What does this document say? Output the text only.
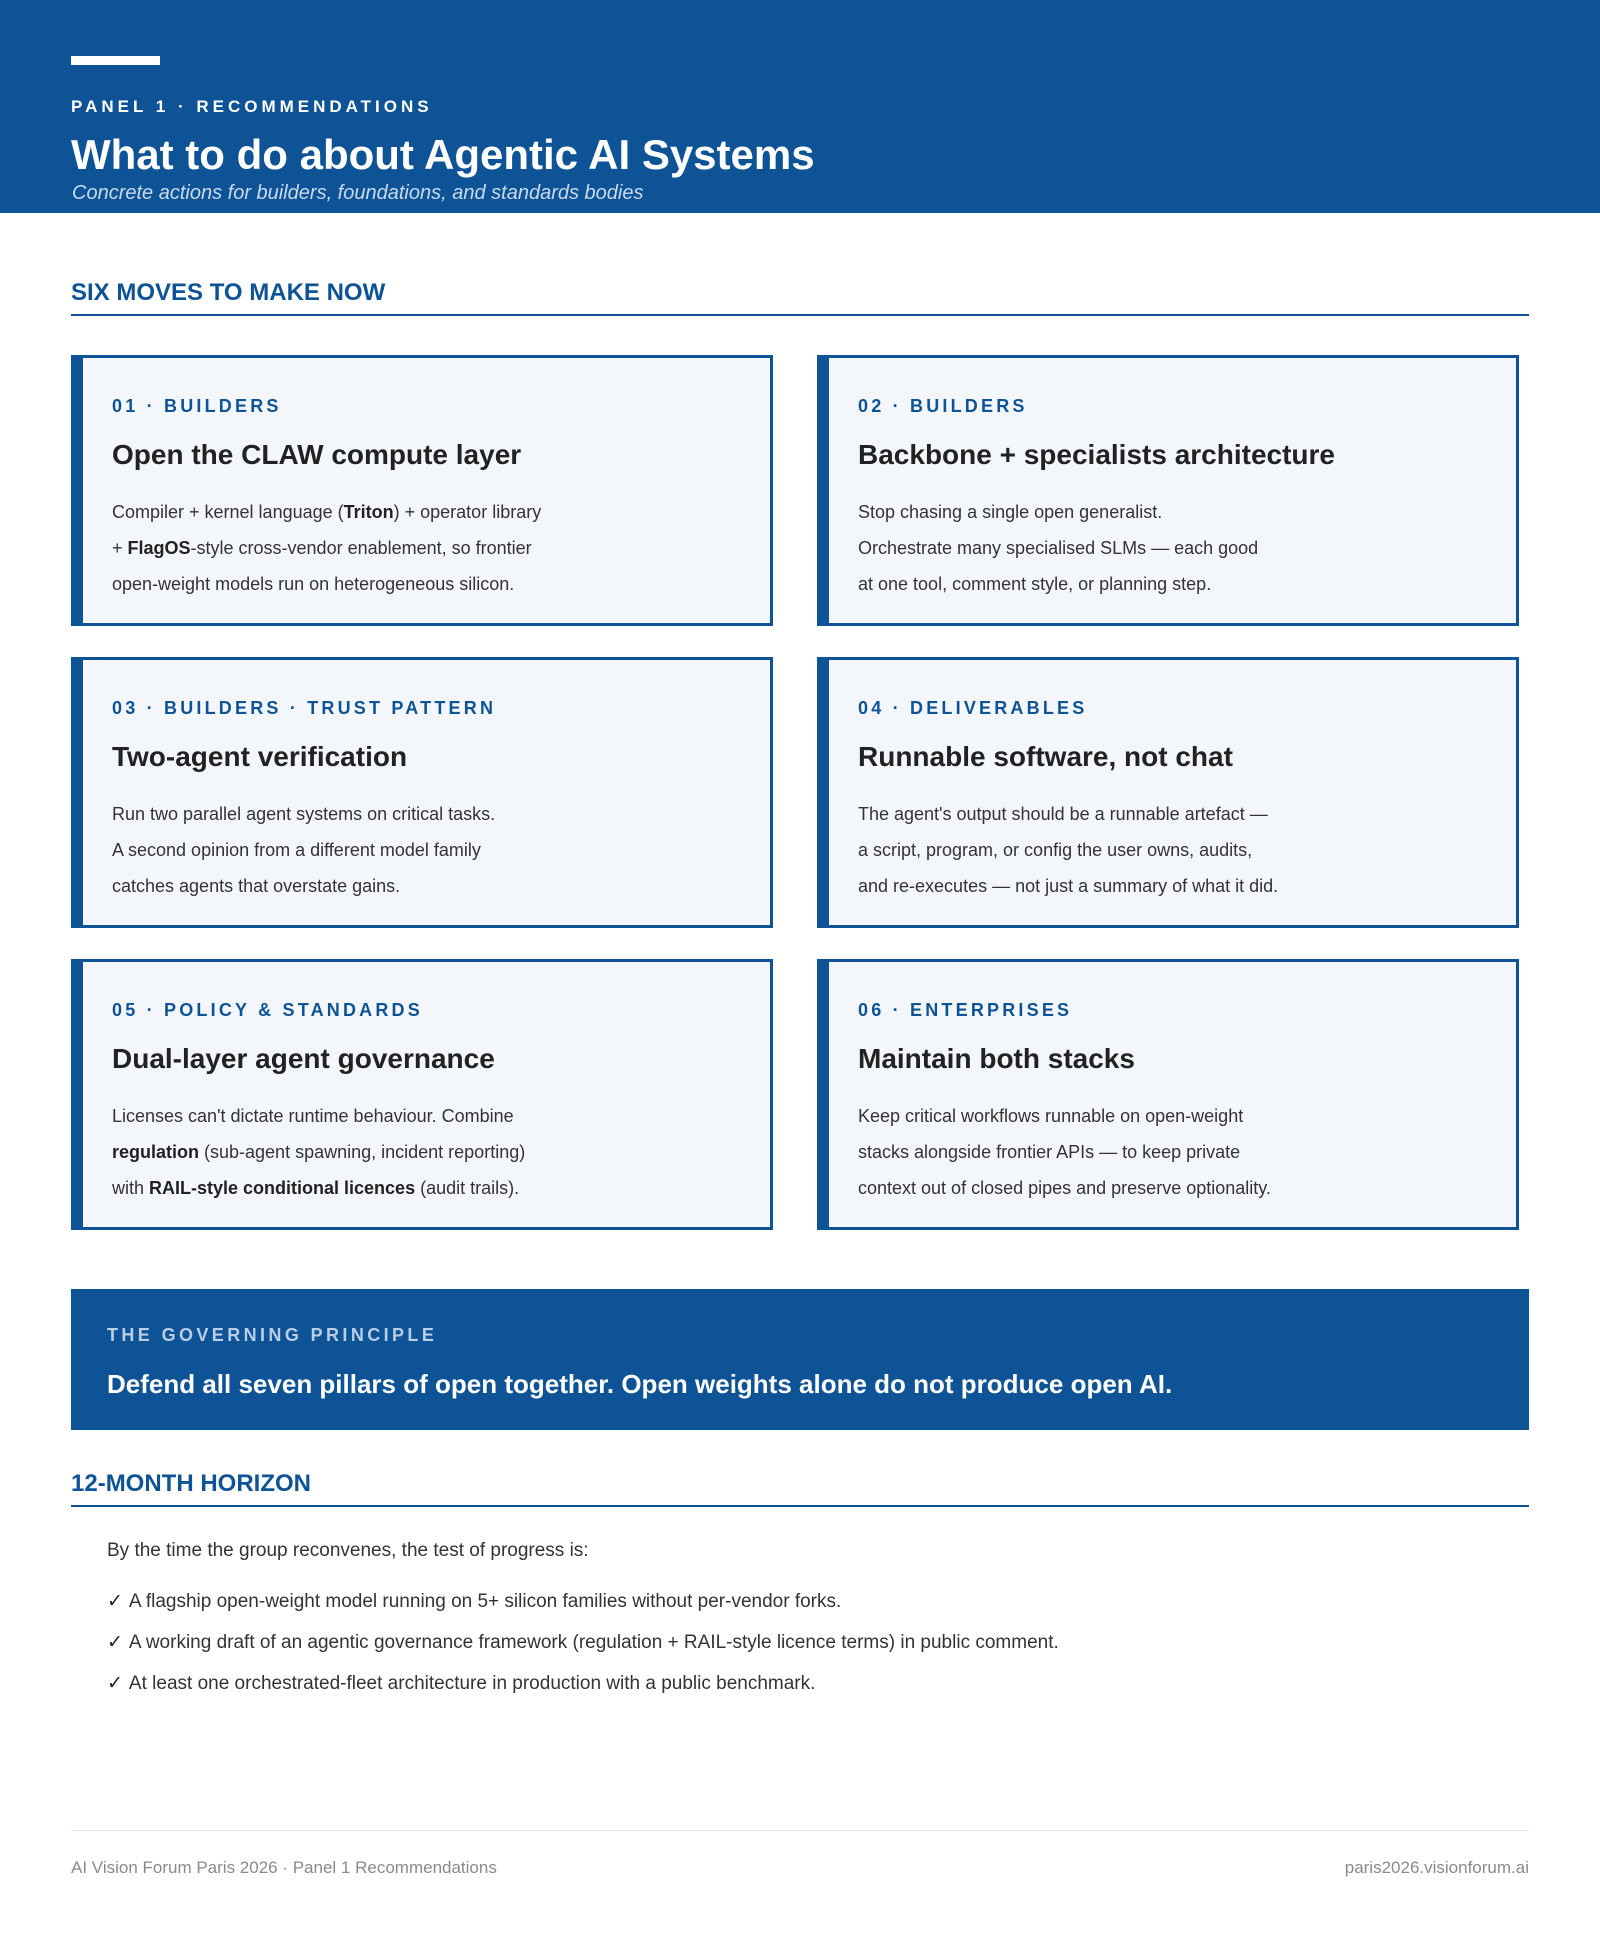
PANEL 1 · RECOMMENDATIONS
What to do about Agentic AI Systems
Concrete actions for builders, foundations, and standards bodies
SIX MOVES TO MAKE NOW
01 · BUILDERS
Open the CLAW compute layer
Compiler + kernel language (Triton) + operator library
+ FlagOS-style cross-vendor enablement, so frontier
open-weight models run on heterogeneous silicon.
02 · BUILDERS
Backbone + specialists architecture
Stop chasing a single open generalist.
Orchestrate many specialised SLMs — each good
at one tool, comment style, or planning step.
03 · BUILDERS · TRUST PATTERN
Two-agent verification
Run two parallel agent systems on critical tasks.
A second opinion from a different model family
catches agents that overstate gains.
04 · DELIVERABLES
Runnable software, not chat
The agent's output should be a runnable artefact —
a script, program, or config the user owns, audits,
and re-executes — not just a summary of what it did.
05 · POLICY & STANDARDS
Dual-layer agent governance
Licenses can't dictate runtime behaviour. Combine
regulation (sub-agent spawning, incident reporting)
with RAIL-style conditional licences (audit trails).
06 · ENTERPRISES
Maintain both stacks
Keep critical workflows runnable on open-weight
stacks alongside frontier APIs — to keep private
context out of closed pipes and preserve optionality.
THE GOVERNING PRINCIPLE
Defend all seven pillars of open together. Open weights alone do not produce open AI.
12-MONTH HORIZON
By the time the group reconvenes, the test of progress is:
✓ A flagship open-weight model running on 5+ silicon families without per-vendor forks.
✓ A working draft of an agentic governance framework (regulation + RAIL-style licence terms) in public comment.
✓ At least one orchestrated-fleet architecture in production with a public benchmark.
AI Vision Forum Paris 2026 · Panel 1 Recommendations	paris2026.visionforum.ai
